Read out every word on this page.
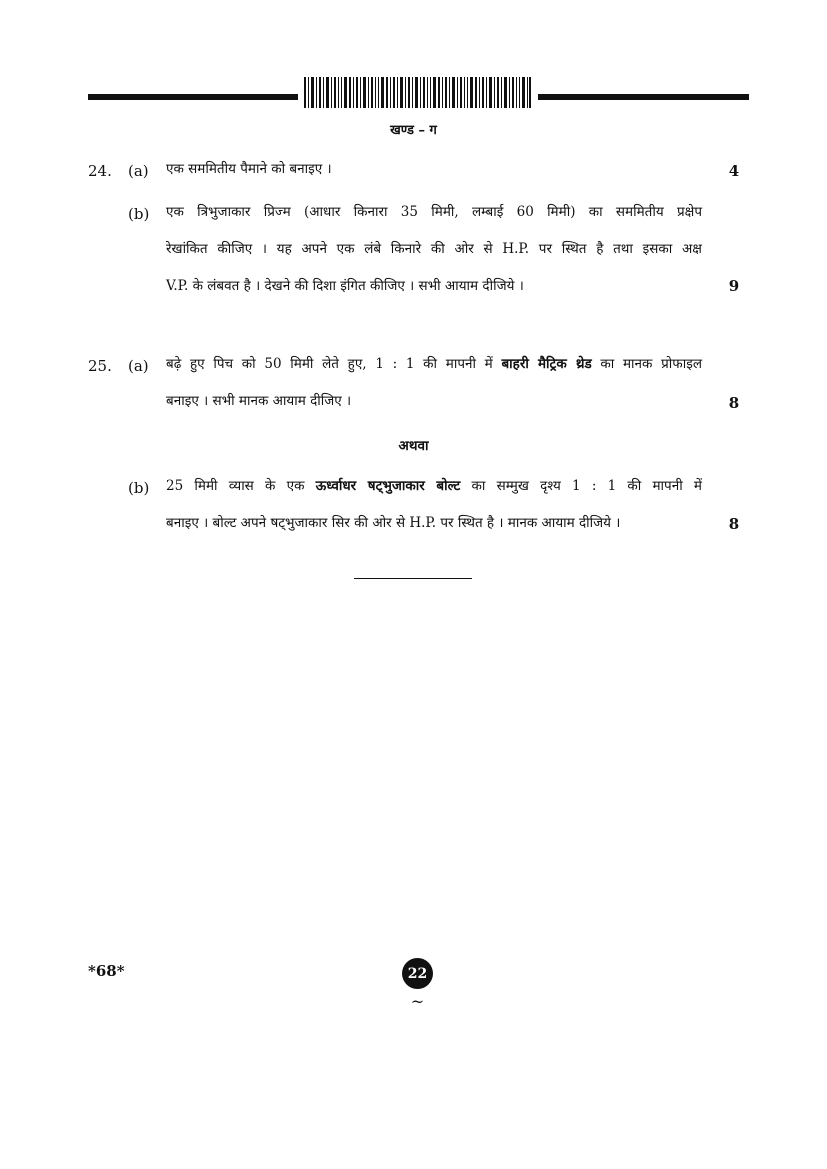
खण्ड – ग
24. (a) एक सममितीय पैमाने को बनाइए ।	4
(b) एक त्रिभुजाकार प्रिज्म (आधार किनारा 35 मिमी, लम्बाई 60 मिमी) का सममितीय प्रक्षेप
रेखांकित कीजिए । यह अपने एक लंबे किनारे की ओर से H.P. पर स्थित है तथा इसका अक्ष
V.P. के लंबवत है । देखने की दिशा इंगित कीजिए । सभी आयाम दीजिये ।	9
25. (a) बढ़े हुए पिच को 50 मिमी लेते हुए, 1 : 1 की मापनी में बाहरी मैट्रिक थ्रेड का मानक प्रोफाइल
बनाइए । सभी मानक आयाम दीजिए ।	8
अथवा
(b) 25 मिमी व्यास के एक ऊर्ध्वाधर षट्भुजाकार बोल्ट का सम्मुख दृश्य 1 : 1 की मापनी में
बनाइए । बोल्ट अपने षट्भुजाकार सिर की ओर से H.P. पर स्थित है । मानक आयाम दीजिये ।	8
*68*	22
~
